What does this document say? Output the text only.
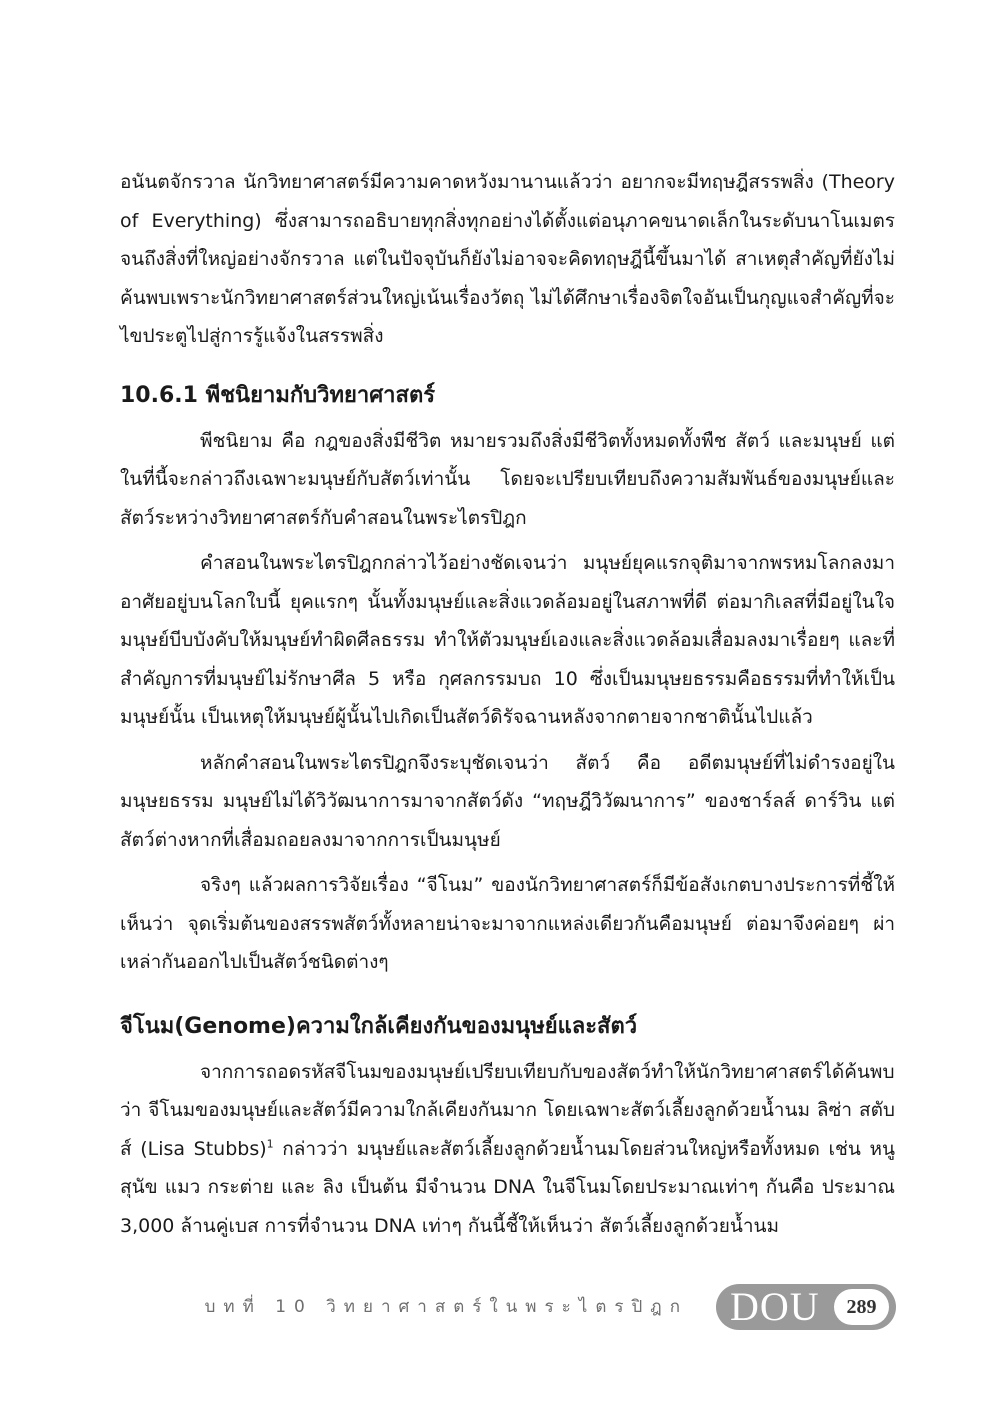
อนันตจักรวาล นักวิทยาศาสตร์มีความคาดหวังมานานแล้วว่า อยากจะมีทฤษฎีสรรพสิ่ง (Theory of Everything) ซึ่งสามารถอธิบายทุกสิ่งทุกอย่างได้ตั้งแต่อนุภาคขนาดเล็กในระดับนาโนเมตรจนถึงสิ่งที่ใหญ่อย่างจักรวาล แต่ในปัจจุบันก็ยังไม่อาจจะคิดทฤษฎีนี้ขึ้นมาได้ สาเหตุสำคัญที่ยังไม่ค้นพบเพราะนักวิทยาศาสตร์ส่วนใหญ่เน้นเรื่องวัตถุ ไม่ได้ศึกษาเรื่องจิตใจอันเป็นกุญแจสำคัญที่จะไขประตูไปสู่การรู้แจ้งในสรรพสิ่ง

10.6.1 พีชนิยามกับวิทยาศาสตร์

พีชนิยาม คือ กฎของสิ่งมีชีวิต หมายรวมถึงสิ่งมีชีวิตทั้งหมดทั้งพืช สัตว์ และมนุษย์ แต่ในที่นี้จะกล่าวถึงเฉพาะมนุษย์กับสัตว์เท่านั้น โดยจะเปรียบเทียบถึงความสัมพันธ์ของมนุษย์และสัตว์ระหว่างวิทยาศาสตร์กับคำสอนในพระไตรปิฎก

คำสอนในพระไตรปิฎกกล่าวไว้อย่างชัดเจนว่า มนุษย์ยุคแรกจุติมาจากพรหมโลกลงมาอาศัยอยู่บนโลกใบนี้ ยุคแรกๆ นั้นทั้งมนุษย์และสิ่งแวดล้อมอยู่ในสภาพที่ดี ต่อมากิเลสที่มีอยู่ในใจมนุษย์บีบบังคับให้มนุษย์ทำผิดศีลธรรม ทำให้ตัวมนุษย์เองและสิ่งแวดล้อมเสื่อมลงมาเรื่อยๆ และที่สำคัญการที่มนุษย์ไม่รักษาศีล 5 หรือ กุศลกรรมบถ 10 ซึ่งเป็นมนุษยธรรมคือธรรมที่ทำให้เป็นมนุษย์นั้น เป็นเหตุให้มนุษย์ผู้นั้นไปเกิดเป็นสัตว์ดิรัจฉานหลังจากตายจากชาตินั้นไปแล้ว

หลักคำสอนในพระไตรปิฎกจึงระบุชัดเจนว่า สัตว์ คือ อดีตมนุษย์ที่ไม่ดำรงอยู่ในมนุษยธรรม มนุษย์ไม่ได้วิวัฒนาการมาจากสัตว์ดัง “ทฤษฎีวิวัฒนาการ” ของชาร์ลส์ ดาร์วิน แต่สัตว์ต่างหากที่เสื่อมถอยลงมาจากการเป็นมนุษย์

จริงๆ แล้วผลการวิจัยเรื่อง “จีโนม” ของนักวิทยาศาสตร์ก็มีข้อสังเกตบางประการที่ชี้ให้เห็นว่า จุดเริ่มต้นของสรรพสัตว์ทั้งหลายน่าจะมาจากแหล่งเดียวกันคือมนุษย์ ต่อมาจึงค่อยๆ ผ่าเหล่ากันออกไปเป็นสัตว์ชนิดต่างๆ

จีโนม(Genome)ความใกล้เคียงกันของมนุษย์และสัตว์

จากการถอดรหัสจีโนมของมนุษย์เปรียบเทียบกับของสัตว์ทำให้นักวิทยาศาสตร์ได้ค้นพบว่า จีโนมของมนุษย์และสัตว์มีความใกล้เคียงกันมาก โดยเฉพาะสัตว์เลี้ยงลูกด้วยน้ำนม ลิซ่า สตับส์ (Lisa Stubbs)$^1$ กล่าวว่า มนุษย์และสัตว์เลี้ยงลูกด้วยน้ำนมโดยส่วนใหญ่หรือทั้งหมด เช่น หนู สุนัข แมว กระต่าย และ ลิง เป็นต้น มีจำนวน DNA ในจีโนมโดยประมาณเท่าๆ กันคือ ประมาณ 3,000 ล้านคู่เบส การที่จำนวน DNA เท่าๆ กันนี้ชี้ให้เห็นว่า สัตว์เลี้ยงลูกด้วยน้ำนม

บทที่ 10 วิทยาศาสตร์ในพระไตรปิฎก DOU	289
